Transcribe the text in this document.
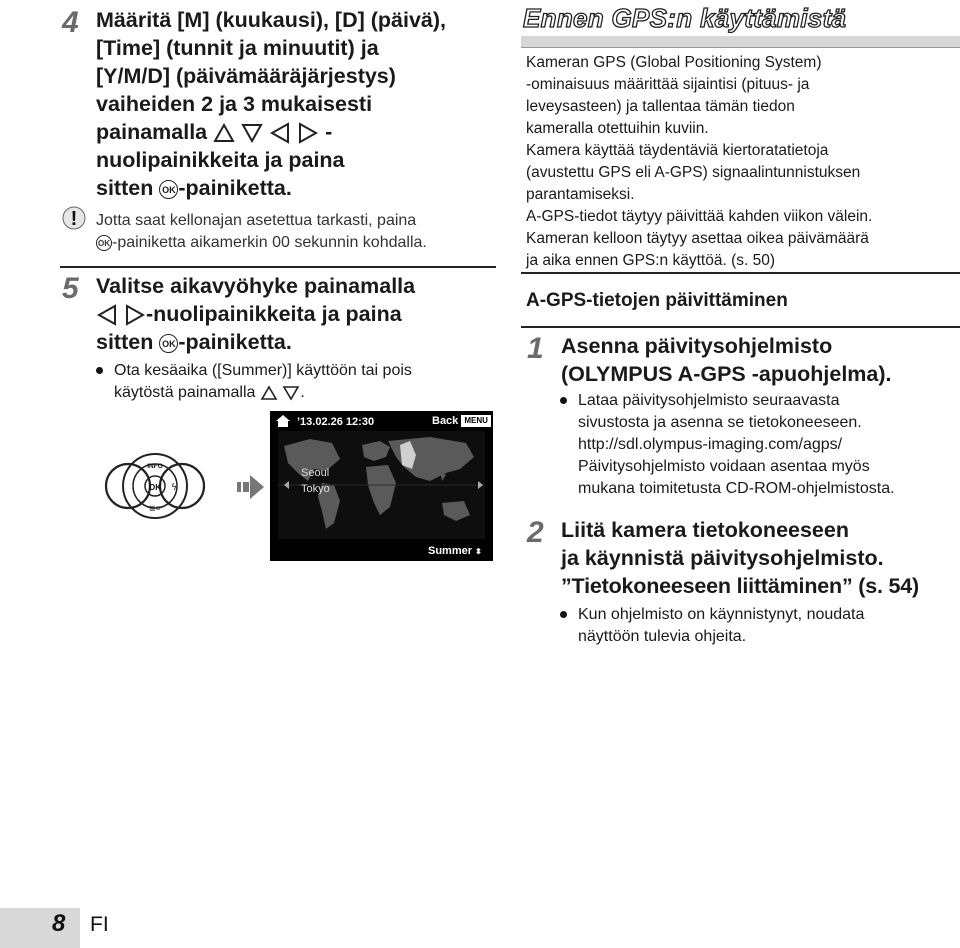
4 Määritä [M] (kuukausi), [D] (päivä),
[Time] (tunnit ja minuutit) ja
[Y/M/D] (päivämääräjärjestys)
vaiheiden 2 ja 3 mukaisesti
painamalla	-
nuolipainikkeita ja paina
sitten OK -painiketta.
! Jotta saat kellonajan asetettua tarkasti, paina
OK -painiketta aikamerkin 00 sekunnin kohdalla.
5 Valitse aikavyöhyke painamalla
-nuolipainikkeita ja paina
sitten OK -painiketta.
Ota kesäaika ([Summer)] käyttöön tai pois
käytöstä painamalla	.
OK
INFO
ϟ
▥⊙
’13.02.26 12:30	Back MENU
Seoul
Tokyo
Summer ⬍
Ennen GPS:n käyttämistä
Kameran GPS (Global Positioning System)
-ominaisuus määrittää sijaintisi (pituus- ja
leveysasteen) ja tallentaa tämän tiedon
kameralla otettuihin kuviin.
Kamera käyttää täydentäviä kiertoratatietoja
(avustettu GPS eli A-GPS) signaalintunnistuksen
parantamiseksi.
A-GPS-tiedot täytyy päivittää kahden viikon välein.
Kameran kelloon täytyy asettaa oikea päivämäärä
ja aika ennen GPS:n käyttöä. (s. 50)
A-GPS-tietojen päivittäminen
1 Asenna päivitysohjelmisto
(OLYMPUS A-GPS -apuohjelma).
Lataa päivitysohjelmisto seuraavasta
sivustosta ja asenna se tietokoneeseen.
http://sdl.olympus-imaging.com/agps/
Päivitysohjelmisto voidaan asentaa myös
mukana toimitetusta CD-ROM-ohjelmistosta.
2 Liitä kamera tietokoneeseen
ja käynnistä päivitysohjelmisto.
”Tietokoneeseen liittäminen” (s. 54)
Kun ohjelmisto on käynnistynyt, noudata
näyttöön tulevia ohjeita.
8 FI
